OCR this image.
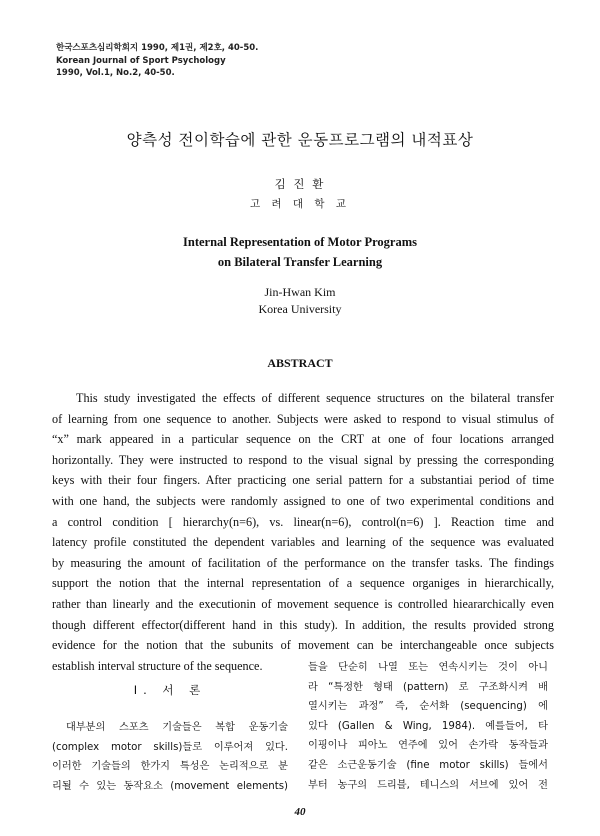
한국스포츠심리학회지 1990, 제1권, 제2호, 40-50.
Korean Journal of Sport Psychology
1990, Vol.1, No.2, 40-50.
양측성 전이학습에 관한 운동프로그램의 내적표상
김 진 환
고 려 대 학 교
Internal Representation of Motor Programs
on Bilateral Transfer Learning
Jin-Hwan Kim
Korea University
ABSTRACT
This study investigated the effects of different sequence structures on the bilateral transfer
of learning from one sequence to another. Subjects were asked to respond to visual stimulus of
“x” mark appeared in a particular sequence on the CRT at one of four locations arranged
horizontally. They were instructed to respond to the visual signal by pressing the corresponding
keys with their four fingers. After practicing one serial pattern for a substantiai period of time
with one hand, the subjects were randomly assigned to one of two experimental conditions and
a control condition [ hierarchy(n=6), vs. linear(n=6), control(n=6) ]. Reaction time and
latency profile constituted the dependent variables and learning of the sequence was evaluated
by measuring the amount of facilitation of the performance on the transfer tasks. The findings
support the notion that the internal representation of a sequence organiges in hierarchically,
rather than linearly and the executionin of movement sequence is controlled hieararchically even
though different effector(different hand in this study). In addition, the results provided strong
evidence for the notion that the subunits of movement can be interchangeable once subjects
establish interval structure of the sequence.
I. 서 론
대부분의 스포츠 기술들은 복합 운동기술
(complex motor skills)들로 이루어져 있다.
이러한 기술들의 한가지 특성은 논리적으로 분
리될 수 있는 동작요소 (movement elements)
들을 단순히 나열 또는 연속시키는 것이 아니
라 “특정한 형태 (pattern) 로 구조화시켜 배
열시키는 과정” 즉, 순서화 (sequencing) 에
있다 (Gallen & Wing, 1984). 예를들어, 타
이핑이나 피아노 연주에 있어 손가락 동작들과
같은 소근운동기술 (fine motor skills) 들에서
부터 농구의 드리블, 테니스의 서브에 있어 전
40
